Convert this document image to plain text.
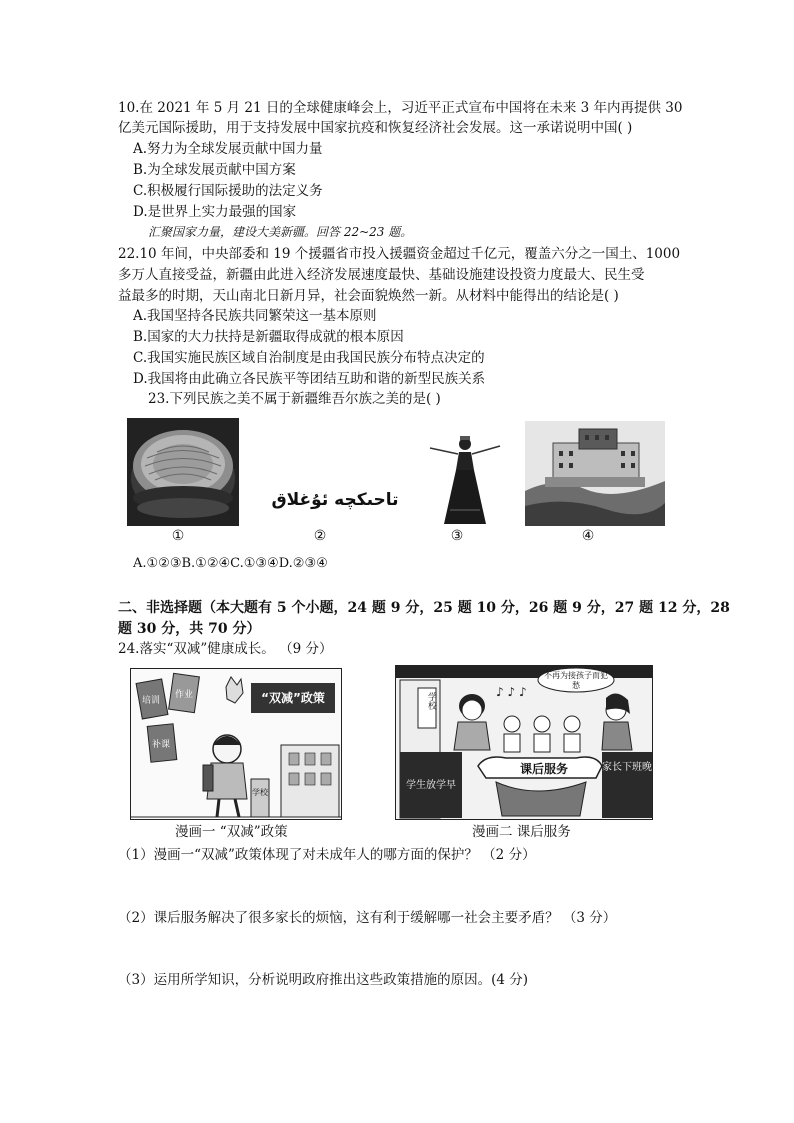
10.在 2021 年 5 月 21 日的全球健康峰会上，习近平正式宣布中国将在未来 3 年内再提供 30
亿美元国际援助，用于支持发展中国家抗疫和恢复经济社会发展。这一承诺说明中国( )
A.努力为全球发展贡献中国力量
B.为全球发展贡献中国方案
C.积极履行国际援助的法定义务
D.是世界上实力最强的国家
汇聚国家力量，建设大美新疆。回答 22~23 题。
22.10 年间，中央部委和 19 个援疆省市投入援疆资金超过千亿元，覆盖六分之一国土、1000
多万人直接受益，新疆由此进入经济发展速度最快、基础设施建设投资力度最大、民生受
益最多的时期，天山南北日新月异，社会面貌焕然一新。从材料中能得出的结论是( )
A.我国坚持各民族共同繁荣这一基本原则
B.国家的大力扶持是新疆取得成就的根本原因
C.我国实施民族区域自治制度是由我国民族分布特点决定的
D.我国将由此确立各民族平等团结互助和谐的新型民族关系
23.下列民族之美不属于新疆维吾尔族之美的是( )
تاحىكچە ئۇغلاق
①	②	③	④
A.①②③B.①②④C.①③④D.②③④
二、非选择题（本大题有 5 个小题，24 题 9 分，25 题 10 分，26 题 9 分，27 题 12 分，28
题 30 分，共 70 分）
24.落实“双减”健康成长。 （9 分）
培训
作业
补课
“双减”政策
学校
漫画一 “双减”政策
♪ ♪ ♪
学校
不再为接孩子而犯愁
课后服务
学生放学早
家长下班晚
漫画二 课后服务
（1）漫画一“双减”政策体现了对未成年人的哪方面的保护？ （2 分）
（2）课后服务解决了很多家长的烦恼，这有利于缓解哪一社会主要矛盾？ （3 分）
（3）运用所学知识，分析说明政府推出这些政策措施的原因。(4 分)
